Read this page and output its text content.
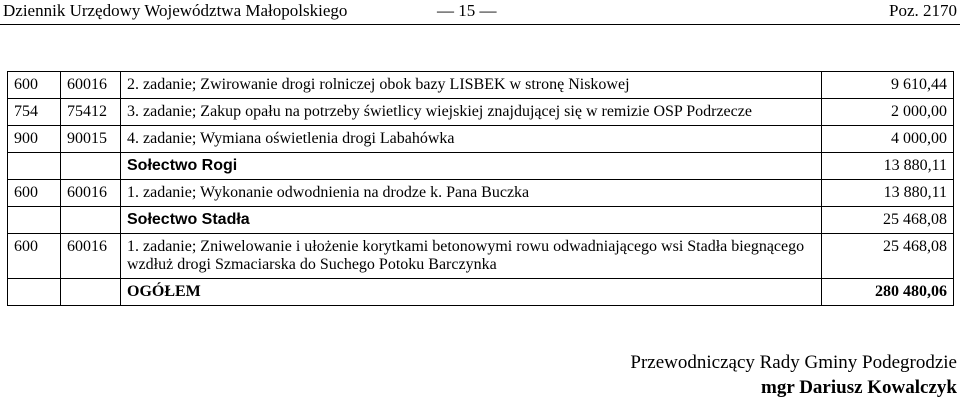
Dziennik Urzędowy Województwa Małopolskiego	— 15 —	Poz. 2170
600	60016	2. zadanie; Zwirowanie drogi rolniczej obok bazy LISBEK w stronę Niskowej	9 610,44
754	75412	3. zadanie; Zakup opału na potrzeby świetlicy wiejskiej znajdującej się w remizie OSP Podrzecze	2 000,00
900	90015	4. zadanie; Wymiana oświetlenia drogi Labahówka	4 000,00
		Sołectwo Rogi	13 880,11
600	60016	1. zadanie; Wykonanie odwodnienia na drodze k. Pana Buczka	13 880,11
		Sołectwo Stadła	25 468,08
600	60016	1. zadanie; Zniwelowanie i ułożenie korytkami betonowymi rowu odwadniającego wsi Stadła biegnącego wzdłuż drogi Szmaciarska do Suchego Potoku Barczynka	25 468,08
		OGÓŁEM	280 480,06
Przewodniczący Rady Gminy Podegrodzie
mgr Dariusz Kowalczyk
